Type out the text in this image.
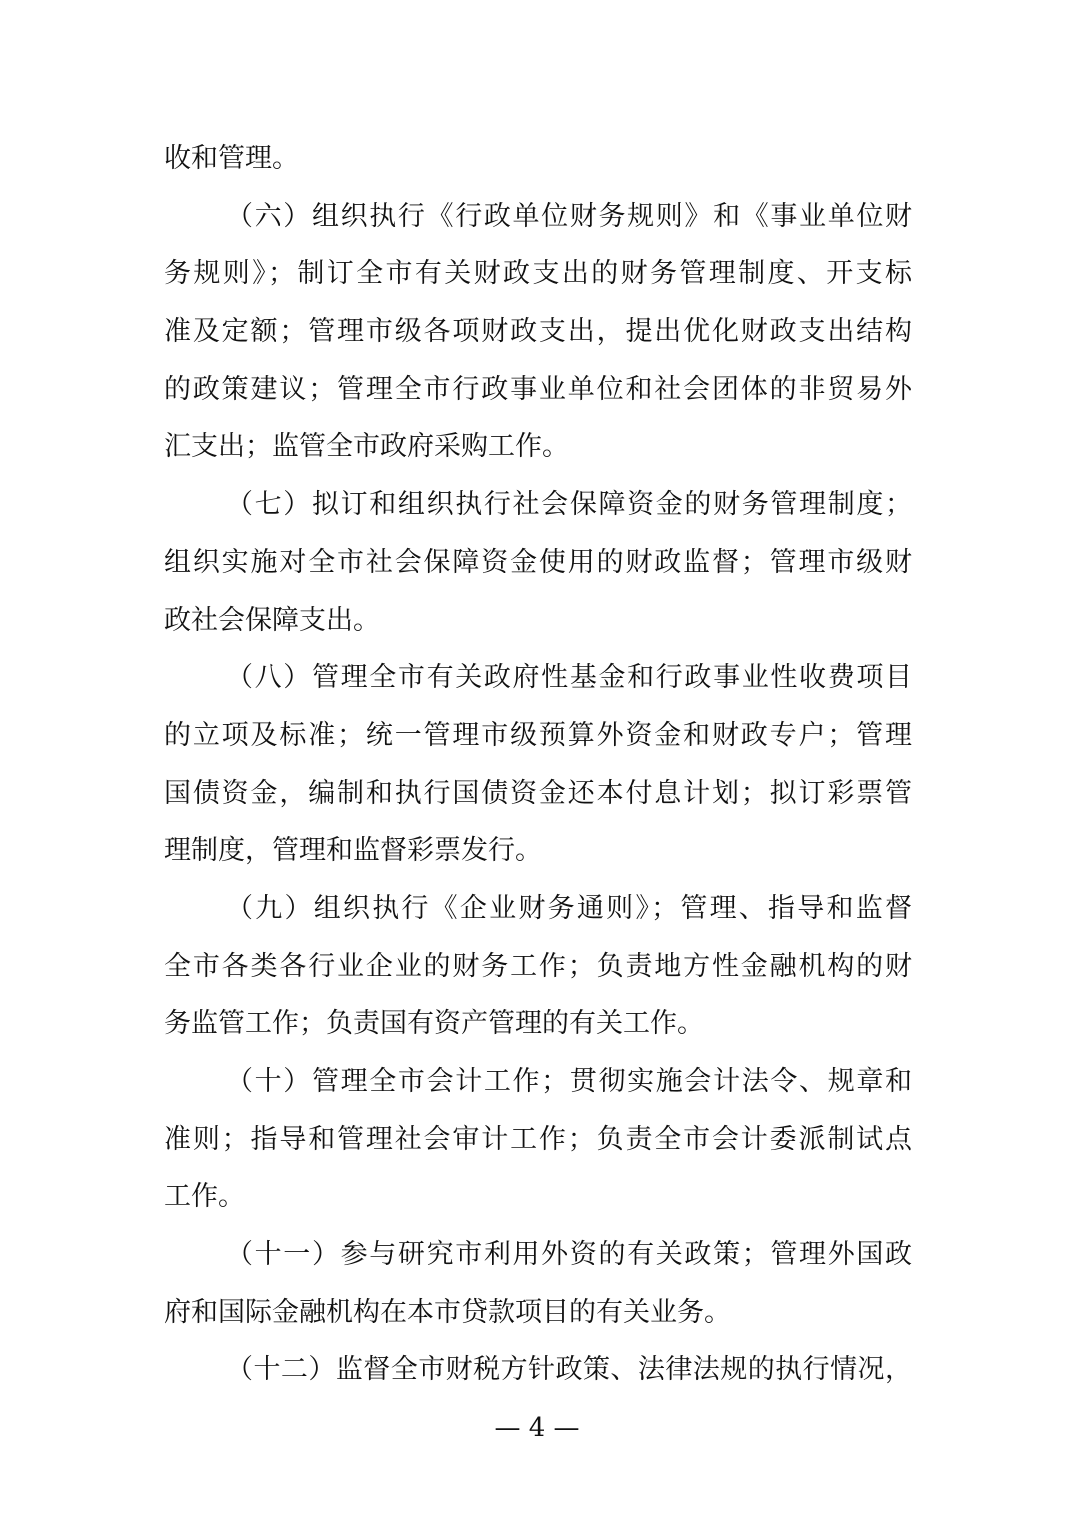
收和管理。
（六）组织执行《行政单位财务规则》和《事业单位财
务规则》；制订全市有关财政支出的财务管理制度、开支标
准及定额；管理市级各项财政支出，提出优化财政支出结构
的政策建议；管理全市行政事业单位和社会团体的非贸易外
汇支出；监管全市政府采购工作。
（七）拟订和组织执行社会保障资金的财务管理制度；
组织实施对全市社会保障资金使用的财政监督；管理市级财
政社会保障支出。
（八）管理全市有关政府性基金和行政事业性收费项目
的立项及标准；统一管理市级预算外资金和财政专户；管理
国债资金，编制和执行国债资金还本付息计划；拟订彩票管
理制度，管理和监督彩票发行。
（九）组织执行《企业财务通则》；管理、指导和监督
全市各类各行业企业的财务工作；负责地方性金融机构的财
务监管工作；负责国有资产管理的有关工作。
（十）管理全市会计工作；贯彻实施会计法令、规章和
准则；指导和管理社会审计工作；负责全市会计委派制试点
工作。
（十一）参与研究市利用外资的有关政策；管理外国政
府和国际金融机构在本市贷款项目的有关业务。
（十二）监督全市财税方针政策、法律法规的执行情况，
— 4 —
